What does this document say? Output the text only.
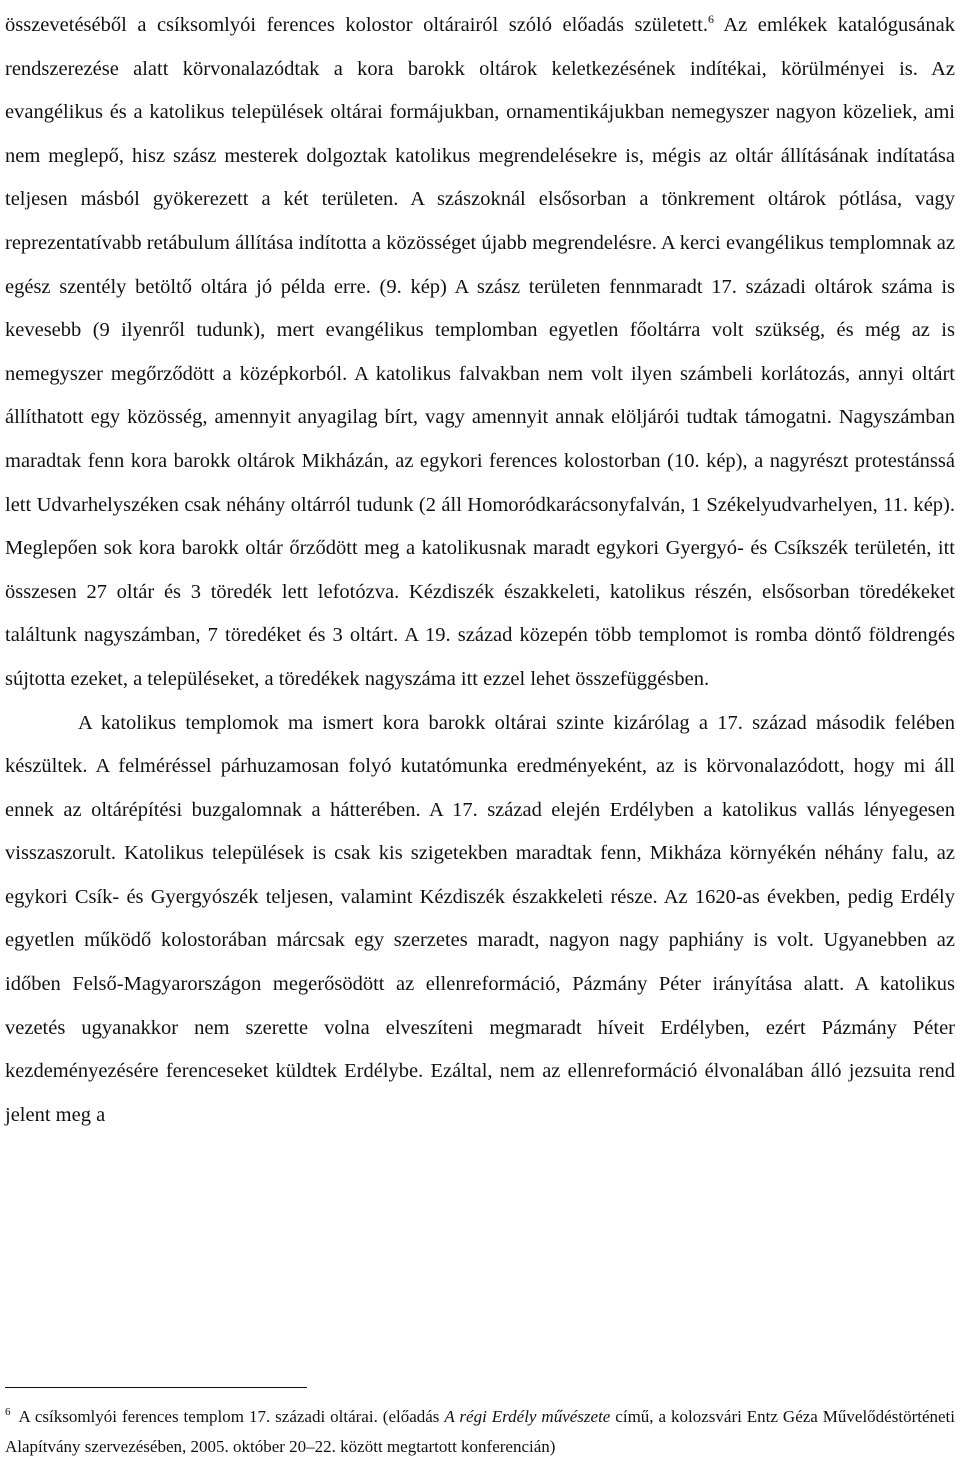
összevetéséből a csíksomlyói ferences kolostor oltárairól szóló előadás született.$^6$ Az emlékek katalógusának rendszerezése alatt körvonalazódtak a kora barokk oltárok keletkezésének indítékai, körülményei is. Az evangélikus és a katolikus települések oltárai formájukban, ornamentikájukban nemegyszer nagyon közeliek, ami nem meglepő, hisz szász mesterek dolgoztak katolikus megrendelésekre is, mégis az oltár állításának indítatása teljesen másból gyökerezett a két területen. A szászoknál elsősorban a tönkrement oltárok pótlása, vagy reprezentatívabb retábulum állítása indította a közösséget újabb megrendelésre. A kerci evangélikus templomnak az egész szentély betöltő oltára jó példa erre. (9. kép) A szász területen fennmaradt 17. századi oltárok száma is kevesebb (9 ilyenről tudunk), mert evangélikus templomban egyetlen főoltárra volt szükség, és még az is nemegyszer megőrződött a középkorból. A katolikus falvakban nem volt ilyen számbeli korlátozás, annyi oltárt állíthatott egy közösség, amennyit anyagilag bírt, vagy amennyit annak elöljárói tudtak támogatni. Nagyszámban maradtak fenn kora barokk oltárok Mikházán, az egykori ferences kolostorban (10. kép), a nagyrészt protestánssá lett Udvarhelyszéken csak néhány oltárról tudunk (2 áll Homoródkarácsonyfalván, 1 Székelyudvarhelyen, 11. kép). Meglepően sok kora barokk oltár őrződött meg a katolikusnak maradt egykori Gyergyó- és Csíkszék területén, itt összesen 27 oltár és 3 töredék lett lefotózva. Kézdiszék északkeleti, katolikus részén, elsősorban töredékeket találtunk nagyszámban, 7 töredéket és 3 oltárt. A 19. század közepén több templomot is romba döntő földrengés sújtotta ezeket, a településeket, a töredékek nagyszáma itt ezzel lehet összefüggésben.

A katolikus templomok ma ismert kora barokk oltárai szinte kizárólag a 17. század második felében készültek. A felméréssel párhuzamosan folyó kutatómunka eredményeként, az is körvonalazódott, hogy mi áll ennek az oltárépítési buzgalomnak a hátterében. A 17. század elején Erdélyben a katolikus vallás lényegesen visszaszorult. Katolikus települések is csak kis szigetekben maradtak fenn, Mikháza környékén néhány falu, az egykori Csík- és Gyergyószék teljesen, valamint Kézdiszék északkeleti része. Az 1620-as években, pedig Erdély egyetlen működő kolostorában márcsak egy szerzetes maradt, nagyon nagy paphiány is volt. Ugyanebben az időben Felső-Magyarországon megerősödött az ellenreformáció, Pázmány Péter irányítása alatt. A katolikus vezetés ugyanakkor nem szerette volna elveszíteni megmaradt híveit Erdélyben, ezért Pázmány Péter kezdeményezésére ferenceseket küldtek Erdélybe. Ezáltal, nem az ellenreformáció élvonalában álló jezsuita rend jelent meg a

$^6$ A csíksomlyói ferences templom 17. századi oltárai. (előadás A régi Erdély művészete című, a kolozsvári Entz Géza Művelődéstörténeti Alapítvány szervezésében, 2005. október 20–22. között megtartott konferencián)
